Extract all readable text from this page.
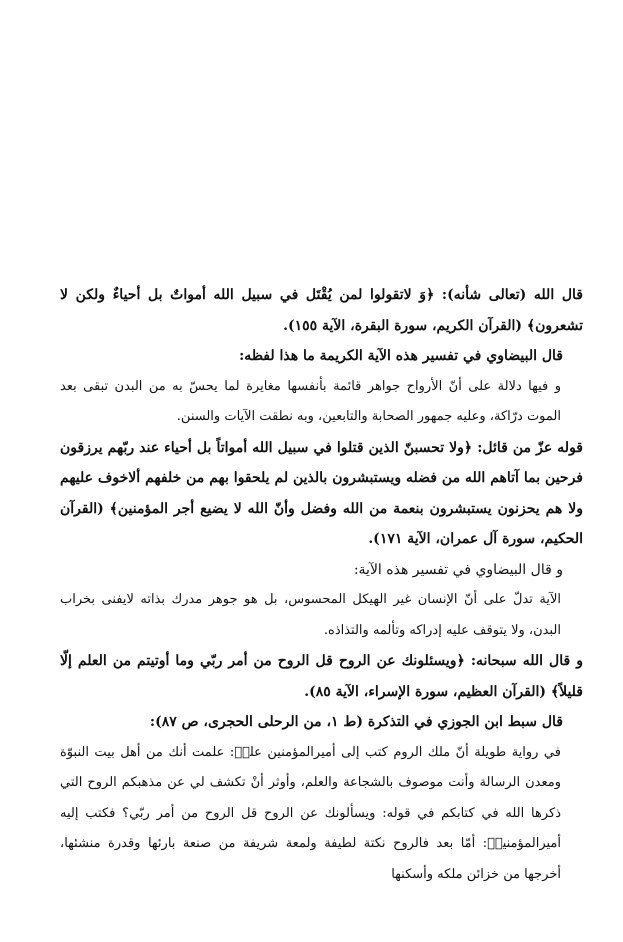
قال الله (تعالى شأنه): ﴿وَ لاتقولوا لمن يُقْتَل في سبيل الله أمواتٌ بل أحياءٌ ولكن لا تشعرون﴾ (القرآن الكريم، سورة البقرة، الآية ١٥٥).

قال البيضاوي في تفسير هذه الآية الكريمة ما هذا لفظه:

و فيها دلالة على أنّ الأرواح جواهر قائمة بأنفسها مغايرة لما يحسّ به من البدن تبقى بعد الموت درّاكة، وعليه جمهور الصحابة والتابعين، وبه نطقت الآيات والسنن.

قوله عزّ من قائل: ﴿ولا تحسبنّ الذين قتلوا في سبيل الله أمواتاً بل أحياء عند ربّهم يرزقون فرحين بما آتاهم الله من فضله ويستبشرون بالذين لم يلحقوا بهم من خلفهم ألاخوف عليهم ولا هم يحزنون يستبشرون بنعمة من الله وفضل وأنّ الله لا يضيع أجر المؤمنين﴾ (القرآن الحكيم، سورة آل عمران، الآية ١٧١).

و قال البيضاوي في تفسير هذه الآية:

الآية تدلّ على أنّ الإنسان غير الهيكل المحسوس، بل هو جوهر مدرك بذاته لايفنى بخراب البدن، ولا يتوقف عليه إدراكه وتألمه والتذاذه.

و قال الله سبحانه: ﴿ويسئلونك عن الروح قل الروح من أمر ربّي وما أوتيتم من العلم إلّا قليلاً﴾ (القرآن العظيم، سورة الإسراء، الآية ٨٥).

قال سبط ابن الجوزي في التذكرة (ط ١، من الرحلى الحجرى، ص ٨٧):

في رواية طويلة أنّ ملك الروم كتب إلى أميرالمؤمنين علىؑ: علمت أنك من أهل بيت النبوّة ومعدن الرسالة وأنت موصوف بالشجاعة والعلم، وأوثر أنْ تكشف لي عن مذهبكم الروح التي ذكرها الله في كتابكم في قوله: ويسألونك عن الروح قل الروح من أمر ربّي؟ فكتب إليه أميرالمؤمنينؑ: أمّا بعد فالروح نكتة لطيفة ولمعة شريفة من صنعة بارئها وقدرة منشئها، أخرجها من خزائن ملكه وأسكنها
